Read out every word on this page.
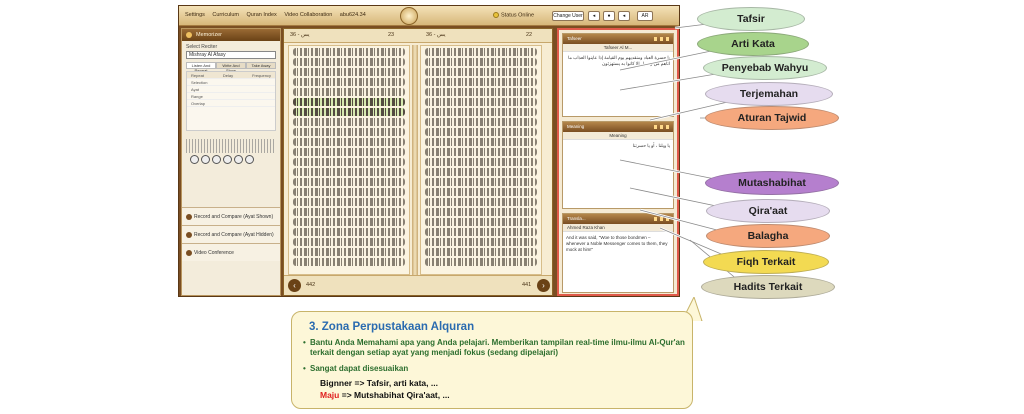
Settings Curriculum Quran Index Video Collaboration abu624.34	Status Online	Change User	◂	●	◂	AR
Memorizer
Select Reciter
Mishray Al Afasy
Listen And	Write And	Take Away
Repeat	Delay	Frequency
Selection
Ayat
Range
Overlap
Record and Compare (Ayat Shown)
Record and Compare (Ayat Hidden)
Video Conference
يس - 36	23	يس - 36	22
‹	442	441	›
Tafseer
Tafseer Al M...
يا حسرة العباد ومنقديهم يوم القيامة إذا عاينوا العذاب ما أتاهم من رسول إلا كانوا به يستهزئون
Meaning
Meaning
يا ويلنا ، أو يا حسرتنا
Transla...
Ahmed Raza Khan
And it was said, "Woe to those bondmen – whenever a Noble Messenger comes to them, they mock at him!"
Tafsir
Arti Kata
Penyebab Wahyu
Terjemahan
Aturan Tajwid
Mutashabihat
Qira'aat
Balagha
Fiqh Terkait
Hadits Terkait
3. Zona Perpustakaan Alquran
• Bantu Anda Memahami apa yang Anda pelajari. Memberikan tampilan real-time ilmu-ilmu Al-Qur'an terkait dengan setiap ayat yang menjadi fokus (sedang dipelajari)
• Sangat dapat disesuaikan
Bignner => Tafsir, arti kata, ...
Maju => Mutshabihat Qira'aat, ...
